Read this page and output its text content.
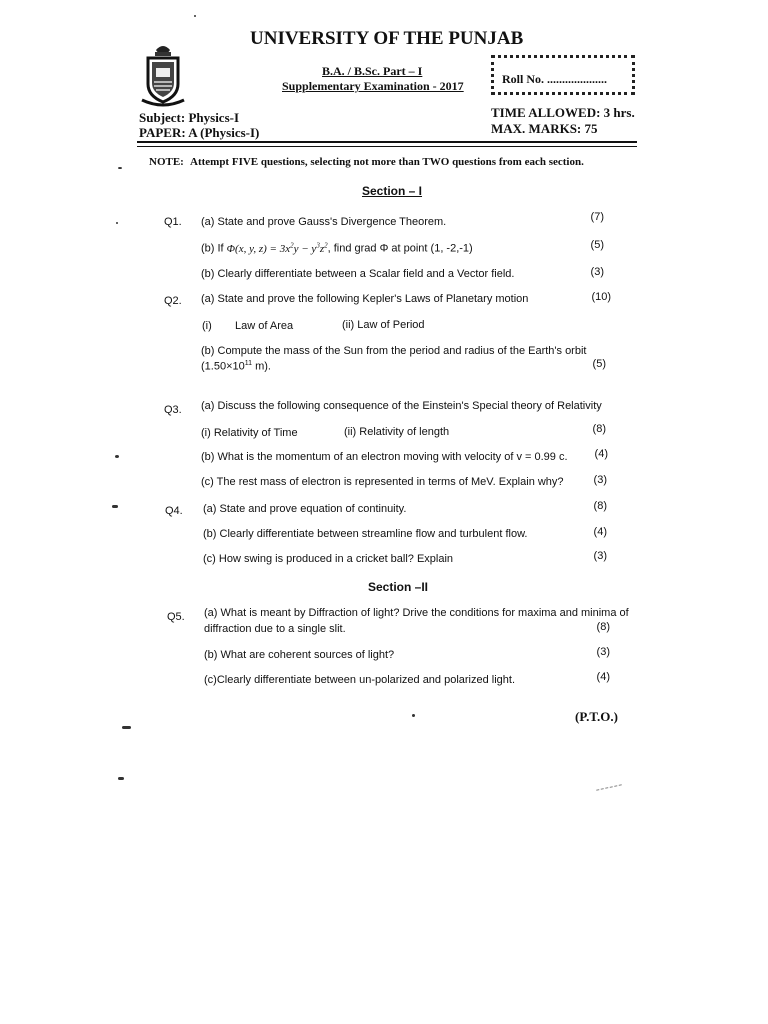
UNIVERSITY OF THE PUNJAB
B.A. / B.Sc. Part – I
Supplementary Examination - 2017	Roll No. ....................
Subject: Physics-I
PAPER: A (Physics-I)
TIME ALLOWED: 3 hrs.
MAX. MARKS: 75
NOTE: Attempt FIVE questions, selecting not more than TWO questions from each section.
Section – I
Q1. (a) State and prove Gauss's Divergence Theorem.	(7)
(b) If Φ(x, y, $z) = 3x^2y - y^3z^2$, find grad Φ at point (1, -2,-1)	(5)
(b) Clearly differentiate between a Scalar field and a Vector field.	(3)
Q2. (a) State and prove the following Kepler's Laws of Planetary motion	(10)
(i) Law of Area	(ii) Law of Period
(b) Compute the mass of the Sun from the period and radius of the Earth's orbit
($1.50\times 10^{11}$ m).	(5)
Q3. (a) Discuss the following consequence of the Einstein's Special theory of Relativity
(i) Relativity of Time	(ii) Relativity of length	(8)
(b) What is the momentum of an electron moving with velocity of v = 0.99 c.	(4)
(c) The rest mass of electron is represented in terms of MeV. Explain why?	(3)
Q4. (a) State and prove equation of continuity.	(8)
(b) Clearly differentiate between streamline flow and turbulent flow.	(4)
(c) How swing is produced in a cricket ball? Explain	(3)
Section –II
Q5. (a) What is meant by Diffraction of light? Drive the conditions for maxima and minima of
diffraction due to a single slit.	(8)
(b) What are coherent sources of light?	(3)
(c)Clearly differentiate between un-polarized and polarized light.	(4)
(P.T.O.)
